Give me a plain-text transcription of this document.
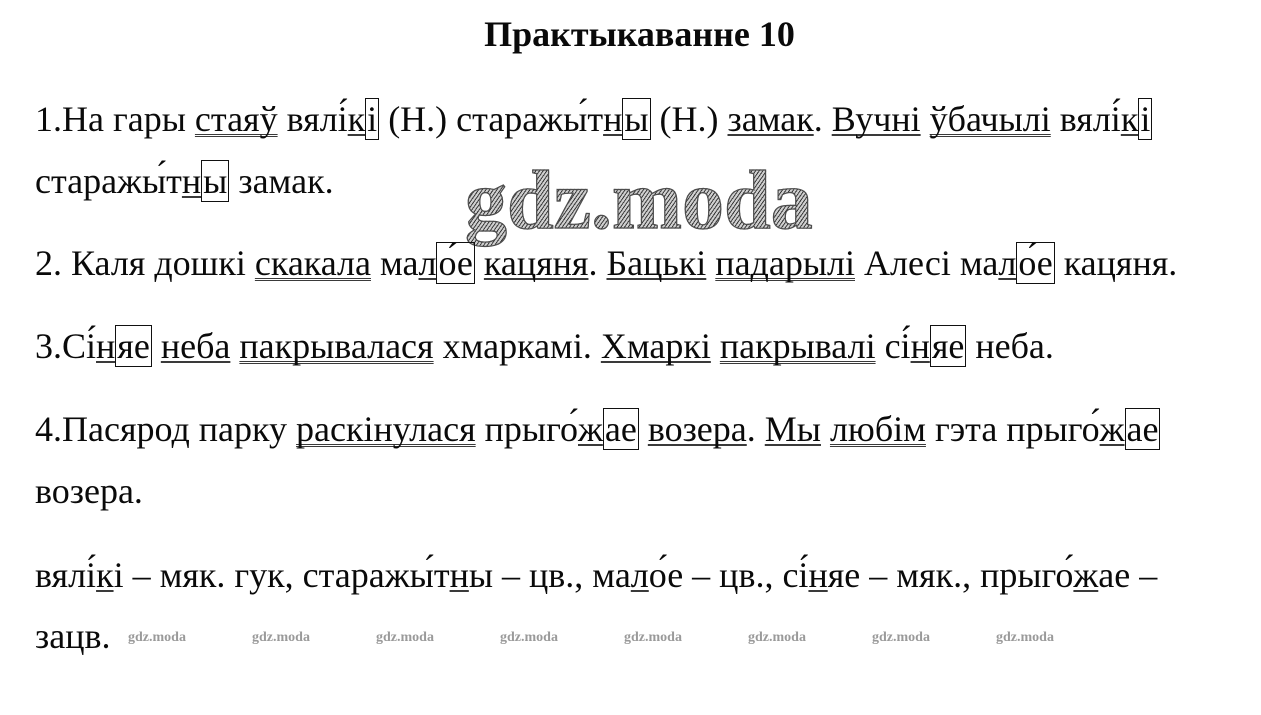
Практыкаванне 10
gdz.moda
1.На гары  стаяў  вялі́ к і  (Н.) старажы́т н ы  (Н.)  замак .  Вучні ўбачылі  вялі́ к і
старажы́т н ы  замак.
2. Каля дошкі  скакала  ма л о́е кацяня .  Бацькі падарылі  Алесі ма л о́е  кацяня.
3.Сі́ н яе неба пакрывалася  хмаркамі.  Хмаркі пакрывалі  сі́ н яе  неба.
4.Пасярод парку  раскінулася  прыго́ ж ае возера .  Мы любім  гэта прыго́ ж ае
возера.
вялі́ к і – мяк. гук, старажы́т н ы – цв., ма л о́е – цв., сі́ н яе – мяк., прыго́ ж ае –
зацв. gdz.moda	gdz.moda	gdz.moda	gdz.moda	gdz.moda	gdz.moda	gdz.moda	gdz.moda
